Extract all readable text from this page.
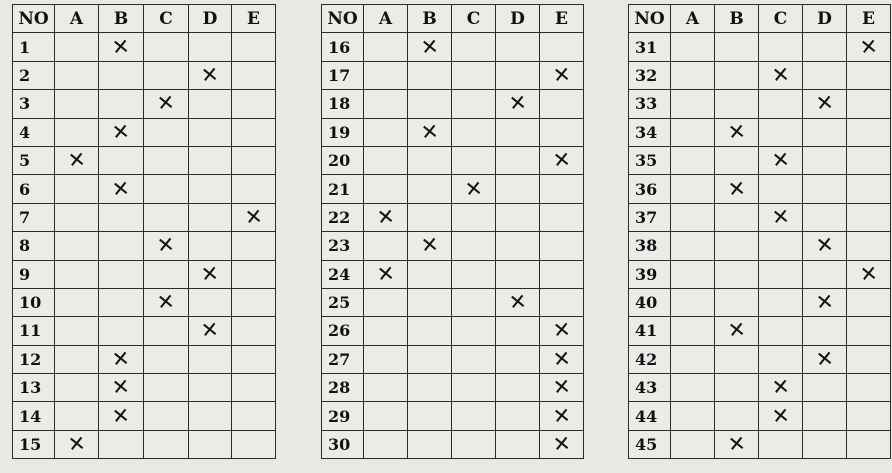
NO	A	B	C	D	E
1		✕			
2				✕	
3			✕		
4		✕			
5	✕				
6		✕			
7					✕
8			✕		
9				✕	
10			✕		
11				✕	
12		✕			
13		✕			
14		✕			
15	✕				
NO	A	B	C	D	E
16		✕			
17					✕
18				✕	
19		✕			
20					✕
21			✕		
22	✕				
23		✕			
24	✕				
25				✕	
26					✕
27					✕
28					✕
29					✕
30					✕
NO	A	B	C	D	E
31					✕
32			✕		
33				✕	
34		✕			
35			✕		
36		✕			
37			✕		
38				✕	
39					✕
40				✕	
41		✕			
42				✕	
43			✕		
44			✕		
45		✕			
